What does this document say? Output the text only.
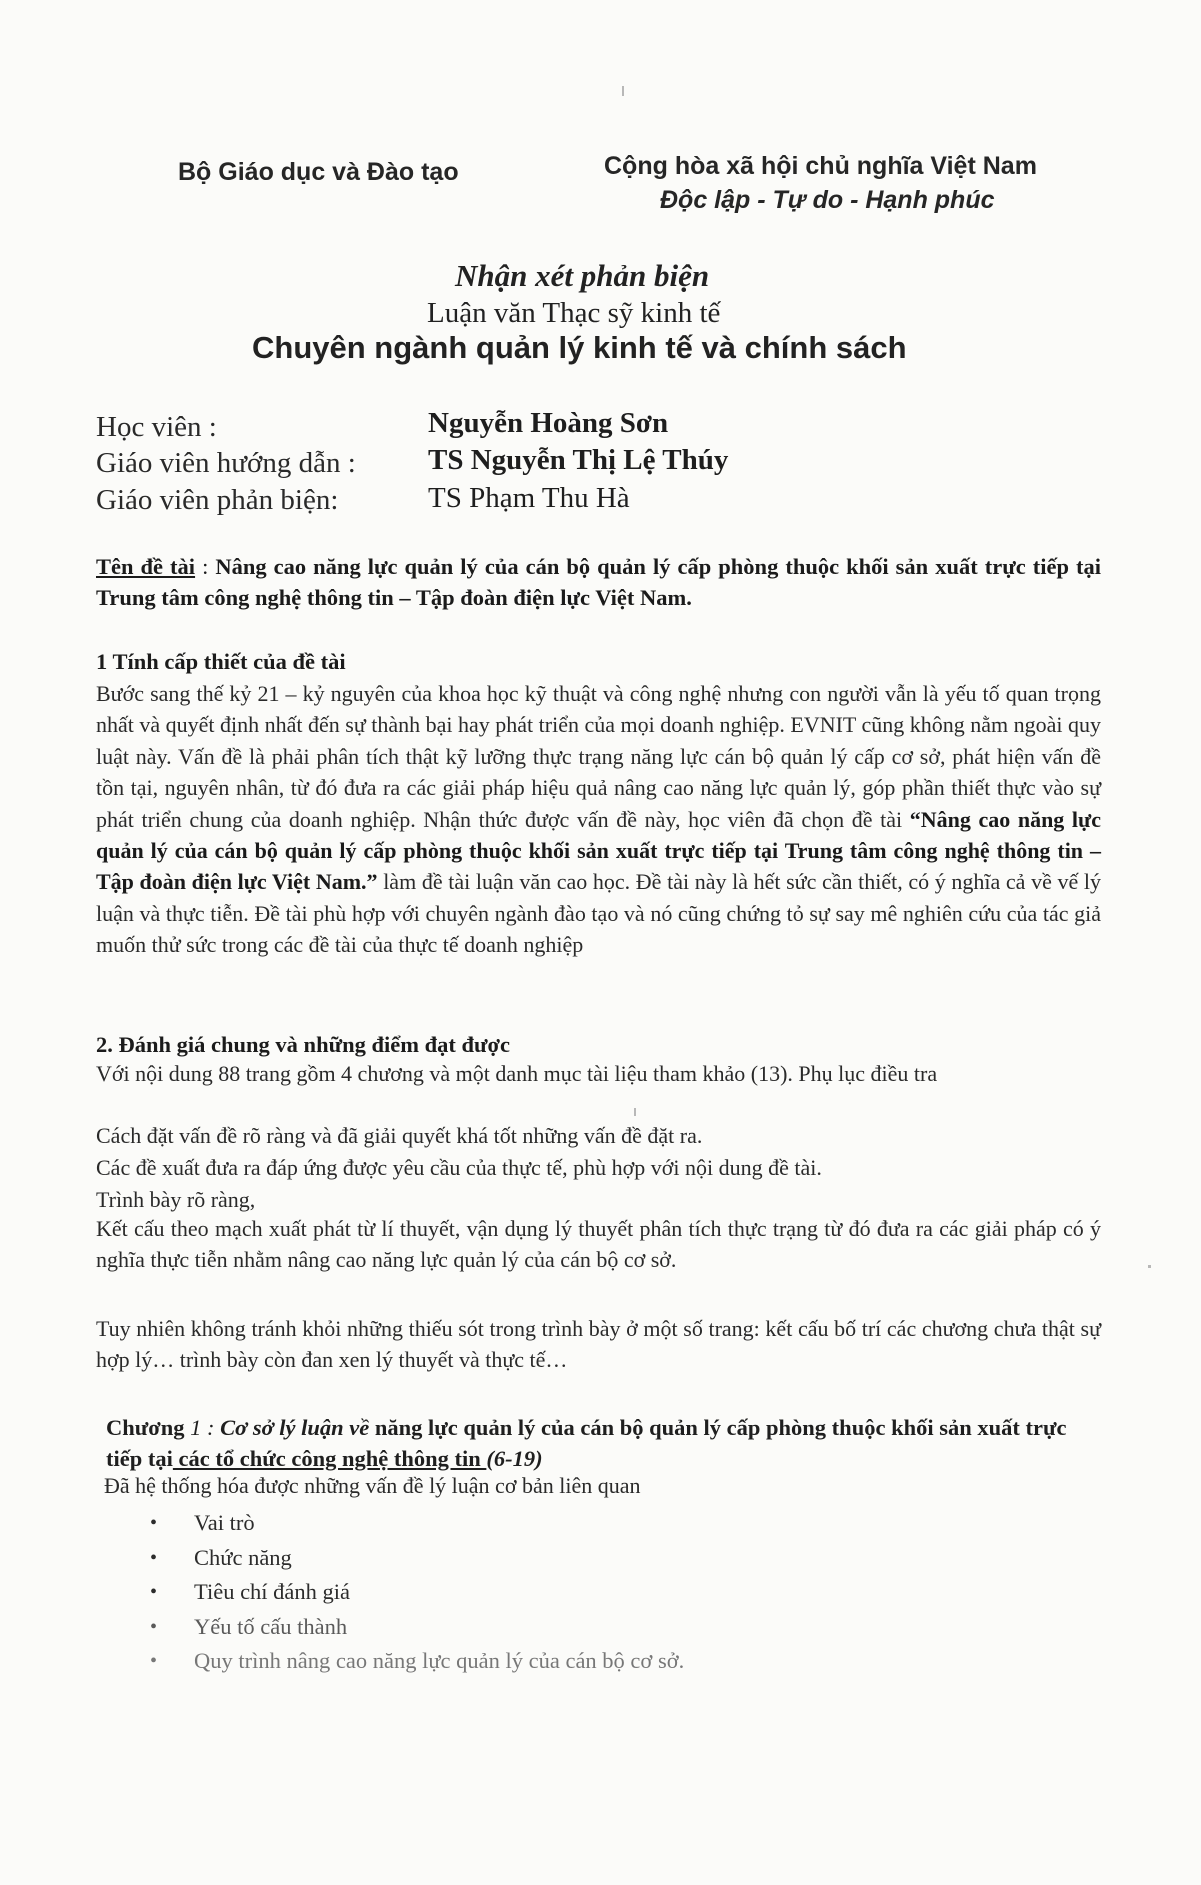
Bộ Giáo dục và Đào tạo	Cộng hòa xã hội chủ nghĩa Việt Nam
Độc lập - Tự do - Hạnh phúc
Nhận xét phản biện
Luận văn Thạc sỹ kinh tế
Chuyên ngành quản lý kinh tế và chính sách
Học viên :	Nguyễn Hoàng Sơn
Giáo viên hướng dẫn : TS Nguyễn Thị Lệ Thúy
Giáo viên phản biện:	TS Phạm Thu Hà
Tên đề tài : Nâng cao năng lực quản lý của cán bộ quản lý cấp phòng thuộc khối sản xuất trực tiếp tại Trung tâm công nghệ thông tin – Tập đoàn điện lực Việt Nam.
1 Tính cấp thiết của đề tài
Bước sang thế kỷ 21 – kỷ nguyên của khoa học kỹ thuật và công nghệ nhưng con người vẫn là yếu tố quan trọng nhất và quyết định nhất đến sự thành bại hay phát triển của mọi doanh nghiệp. EVNIT cũng không nằm ngoài quy luật này. Vấn đề là phải phân tích thật kỹ lưỡng thực trạng năng lực cán bộ quản lý cấp cơ sở, phát hiện vấn đề tồn tại, nguyên nhân, từ đó đưa ra các giải pháp hiệu quả nâng cao năng lực quản lý, góp phần thiết thực vào sự phát triển chung của doanh nghiệp. Nhận thức được vấn đề này, học viên đã chọn đề tài “Nâng cao năng lực quản lý của cán bộ quản lý cấp phòng thuộc khối sản xuất trực tiếp tại Trung tâm công nghệ thông tin – Tập đoàn điện lực Việt Nam.” làm đề tài luận văn cao học. Đề tài này là hết sức cần thiết, có ý nghĩa cả về vế lý luận và thực tiễn. Đề tài phù hợp với chuyên ngành đào tạo và nó cũng chứng tỏ sự say mê nghiên cứu của tác giả muốn thử sức trong các đề tài của thực tế doanh nghiệp
2. Đánh giá chung và những điểm đạt được
Với nội dung 88 trang gồm 4 chương và một danh mục tài liệu tham khảo (13). Phụ lục điều tra
Cách đặt vấn đề rõ ràng và đã giải quyết khá tốt những vấn đề đặt ra.
Các đề xuất đưa ra đáp ứng được yêu cầu của thực tế, phù hợp với nội dung đề tài.
Trình bày rõ ràng,
Kết cấu theo mạch xuất phát từ lí thuyết, vận dụng lý thuyết phân tích thực trạng từ đó đưa ra các giải pháp có ý nghĩa thực tiễn nhằm nâng cao năng lực quản lý của cán bộ cơ sở.
Tuy nhiên không tránh khỏi những thiếu sót trong trình bày ở một số trang: kết cấu bố trí các chương chưa thật sự hợp lý… trình bày còn đan xen lý thuyết và thực tế…
Chương 1 : Cơ sở lý luận về năng lực quản lý của cán bộ quản lý cấp phòng thuộc khối sản xuất trực tiếp tại các tổ chức công nghệ thông tin (6-19)
Đã hệ thống hóa được những vấn đề lý luận cơ bản liên quan
• Vai trò
• Chức năng
• Tiêu chí đánh giá
• Yếu tố cấu thành
• Quy trình nâng cao năng lực quản lý của cán bộ cơ sở.
